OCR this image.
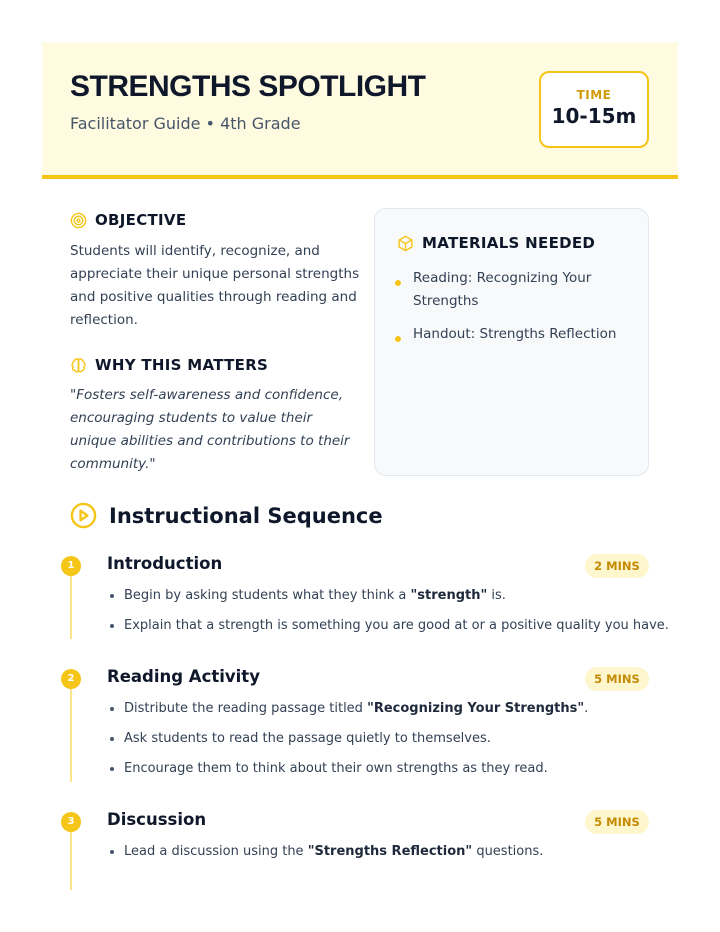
STRENGTHS SPOTLIGHT
Facilitator Guide • 4th Grade
TIME
10-15m
OBJECTIVE
Students will identify, recognize, and appreciate their unique personal strengths and positive qualities through reading and reflection.
WHY THIS MATTERS
"Fosters self-awareness and confidence, encouraging students to value their unique abilities and contributions to their community."
MATERIALS NEEDED
Reading: Recognizing Your Strengths
Handout: Strengths Reflection
Instructional Sequence
1	Introduction	2 MINS
Begin by asking students what they think a "strength" is.
Explain that a strength is something you are good at or a positive quality you have.
2	Reading Activity	5 MINS
Distribute the reading passage titled "Recognizing Your Strengths".
Ask students to read the passage quietly to themselves.
Encourage them to think about their own strengths as they read.
3	Discussion	5 MINS
Lead a discussion using the "Strengths Reflection" questions.
